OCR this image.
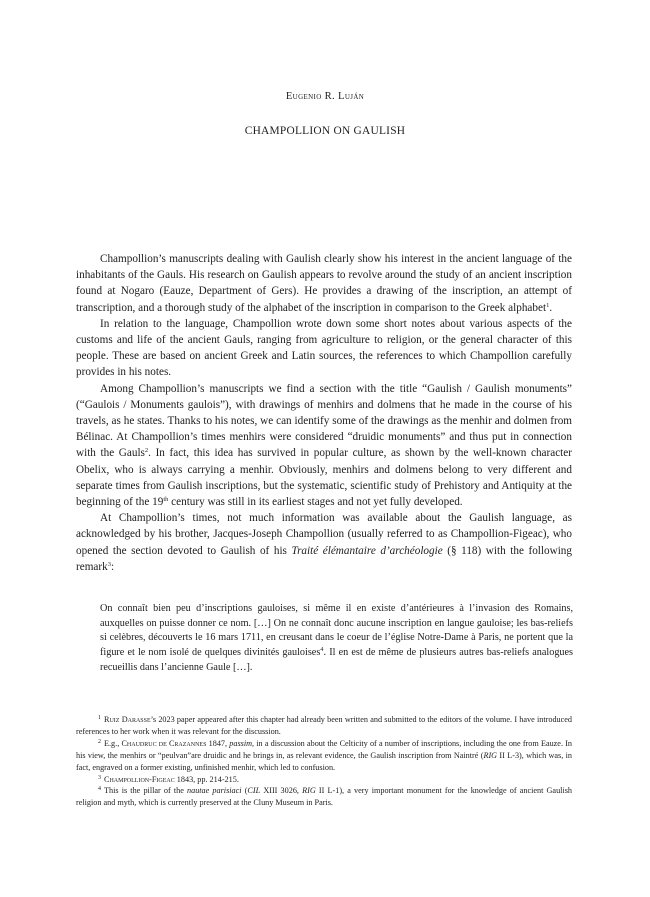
Eugenio R. Luján
CHAMPOLLION ON GAULISH

Champollion’s manuscripts dealing with Gaulish clearly show his interest in the ancient language of the inhabitants of the Gauls. His research on Gaulish appears to revolve around the study of an ancient inscription found at Nogaro (Eauze, Department of Gers). He provides a drawing of the inscription, an attempt of transcription, and a thorough study of the alphabet of the inscription in comparison to the Greek alphabet$^1$.

In relation to the language, Champollion wrote down some short notes about various aspects of the customs and life of the ancient Gauls, ranging from agriculture to religion, or the general character of this people. These are based on ancient Greek and Latin sources, the references to which Champollion carefully provides in his notes.

Among Champollion’s manuscripts we find a section with the title “Gaulish / Gaulish monuments” (“Gaulois / Monuments gaulois”), with drawings of menhirs and dolmens that he made in the course of his travels, as he states. Thanks to his notes, we can identify some of the drawings as the menhir and dolmen from Bélinac. At Champollion’s times menhirs were considered “druidic monuments” and thus put in connection with the Gauls$^2$. In fact, this idea has survived in popular culture, as shown by the well-known character Obelix, who is always carrying a menhir. Obviously, menhirs and dolmens belong to very different and separate times from Gaulish inscriptions, but the systematic, scientific study of Prehistory and Antiquity at the beginning of the 19th century was still in its earliest stages and not yet fully developed.

At Champollion’s times, not much information was available about the Gaulish language, as acknowledged by his brother, Jacques-Joseph Champollion (usually referred to as Champollion-Figeac), who opened the section devoted to Gaulish of his Traité élémantaire d’archéologie (§ 118) with the following remark$^3$:

On connaît bien peu d’inscriptions gauloises, si même il en existe d’antérieures à l’invasion des Romains, auxquelles on puisse donner ce nom. […] On ne connaît donc aucune inscription en langue gauloise; les bas-reliefs si celèbres, découverts le 16 mars 1711, en creusant dans le coeur de l’église Notre-Dame à Paris, ne portent que la figure et le nom isolé de quelques divinités gauloises$^4$. Il en est de même de plusieurs autres bas-reliefs analogues recueillis dans l’ancienne Gaule […].

$^1$ Ruiz Darasse’s 2023 paper appeared after this chapter had already been written and submitted to the editors of the volume. I have introduced references to her work when it was relevant for the discussion.

$^2$ E.g., Chaudruc de Crazannes 1847, passim, in a discussion about the Celticity of a number of inscriptions, including the one from Eauze. In his view, the menhirs or “peulvan”are druidic and he brings in, as relevant evidence, the Gaulish inscription from Naintré (RIG II L-3), which was, in fact, engraved on a former existing, unfinished menhir, which led to confusion.

$^3$ Champollion-Figeac 1843, pp. 214-215.

$^4$ This is the pillar of the nautae parisiaci (CIL XIII 3026, RIG II L-1), a very important monument for the knowledge of ancient Gaulish religion and myth, which is currently preserved at the Cluny Museum in Paris.
